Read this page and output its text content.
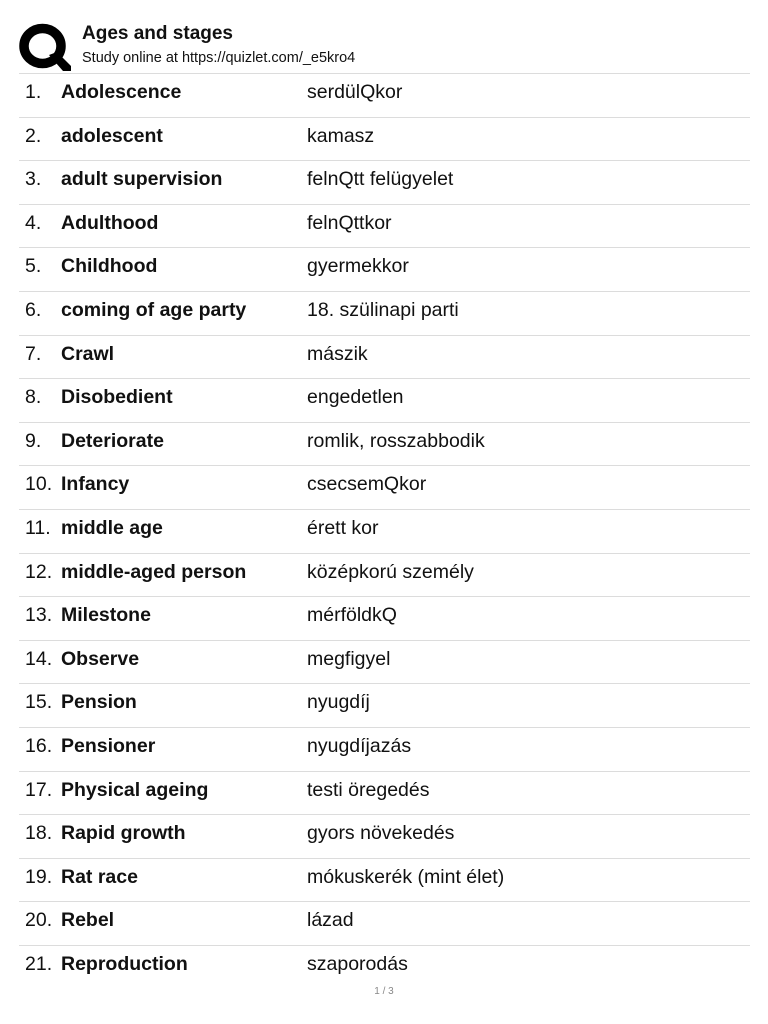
Ages and stages
Study online at https://quizlet.com/_e5kro4
1. Adolescence	serdülQkor
2. adolescent	kamasz
3. adult supervision	felnQtt felügyelet
4. Adulthood	felnQttkor
5. Childhood	gyermekkor
6. coming of age party	18. szülinapi parti
7. Crawl	mászik
8. Disobedient	engedetlen
9. Deteriorate	romlik, rosszabbodik
10. Infancy	csecsemQkor
11. middle age	érett kor
12. middle-aged person	középkorú személy
13. Milestone	mérföldkQ
14. Observe	megfigyel
15. Pension	nyugdíj
16. Pensioner	nyugdíjazás
17. Physical ageing	testi öregedés
18. Rapid growth	gyors növekedés
19. Rat race	mókuskerék (mint élet)
20. Rebel	lázad
21. Reproduction	szaporodás
1 / 3
